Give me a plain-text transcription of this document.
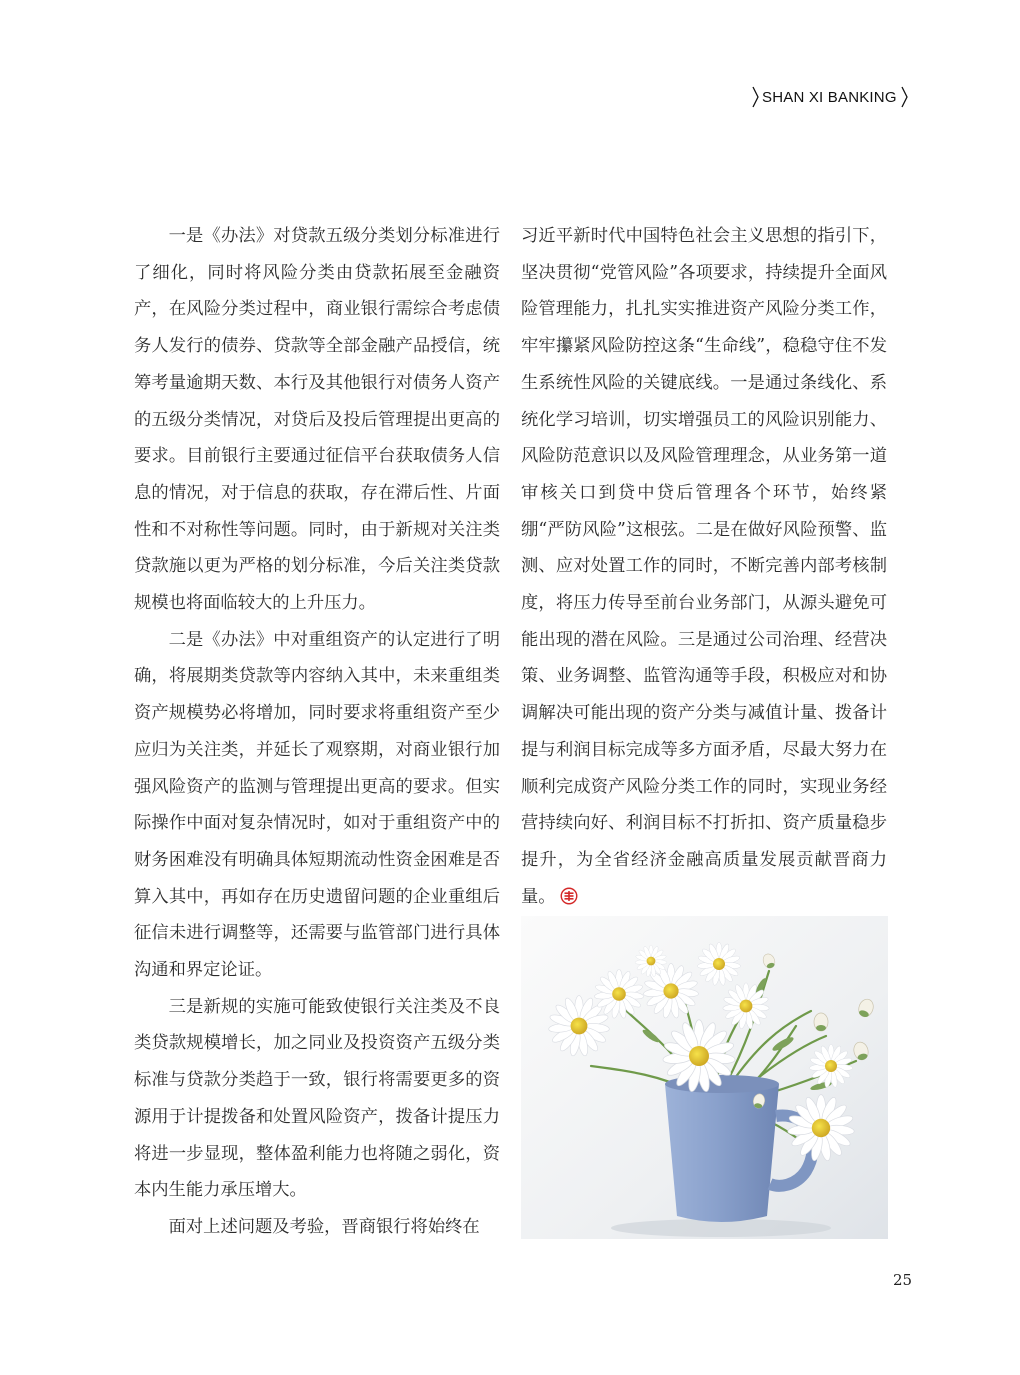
SHAN XI BANKING

一是《办法》对贷款五级分类划分标准进行了细化，同时将风险分类由贷款拓展至金融资产，在风险分类过程中，商业银行需综合考虑债务人发行的债券、贷款等全部金融产品授信，统筹考量逾期天数、本行及其他银行对债务人资产的五级分类情况，对贷后及投后管理提出更高的要求。目前银行主要通过征信平台获取债务人信息的情况，对于信息的获取，存在滞后性、片面性和不对称性等问题。同时，由于新规对关注类贷款施以更为严格的划分标准，今后关注类贷款规模也将面临较大的上升压力。

二是《办法》中对重组资产的认定进行了明确，将展期类贷款等内容纳入其中，未来重组类资产规模势必将增加，同时要求将重组资产至少应归为关注类，并延长了观察期，对商业银行加强风险资产的监测与管理提出更高的要求。但实际操作中面对复杂情况时，如对于重组资产中的财务困难没有明确具体短期流动性资金困难是否算入其中，再如存在历史遗留问题的企业重组后征信未进行调整等，还需要与监管部门进行具体沟通和界定论证。

三是新规的实施可能致使银行关注类及不良类贷款规模增长，加之同业及投资资产五级分类标准与贷款分类趋于一致，银行将需要更多的资源用于计提拨备和处置风险资产，拨备计提压力将进一步显现，整体盈利能力也将随之弱化，资本内生能力承压增大。

面对上述问题及考验，晋商银行将始终在

习近平新时代中国特色社会主义思想的指引下，坚决贯彻“党管风险”各项要求，持续提升全面风险管理能力，扎扎实实推进资产风险分类工作，牢牢攥紧风险防控这条“生命线”，稳稳守住不发生系统性风险的关键底线。一是通过条线化、系统化学习培训，切实增强员工的风险识别能力、风险防范意识以及风险管理理念，从业务第一道审核关口到贷中贷后管理各个环节，始终紧绷“严防风险”这根弦。二是在做好风险预警、监测、应对处置工作的同时，不断完善内部考核制度，将压力传导至前台业务部门，从源头避免可能出现的潜在风险。三是通过公司治理、经营决策、业务调整、监管沟通等手段，积极应对和协调解决可能出现的资产分类与减值计量、拨备计提与利润目标完成等多方面矛盾，尽最大努力在顺利完成资产风险分类工作的同时，实现业务经营持续向好、利润目标不打折扣、资产质量稳步提升，为全省经济金融高质量发展贡献晋商力量。

25
